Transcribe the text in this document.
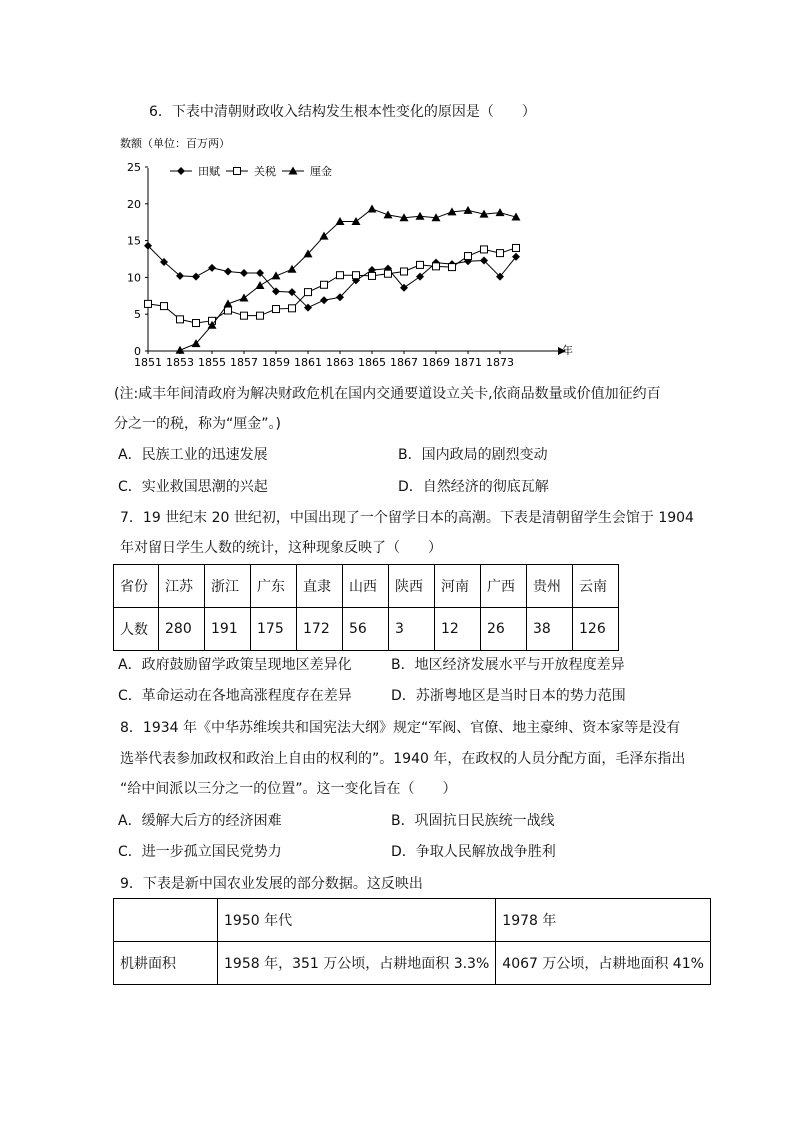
6．下表中清朝财政收入结构发生根本性变化的原因是（　　）
数额（单位：百万两）
年
0
5
10
15
20
25
1851 1853 1855 1857 1859 1861 1863 1865 1867 1869 1871 1873
田赋	关税	厘金
(注:咸丰年间清政府为解决财政危机在国内交通要道设立关卡,依商品数量或价值加征约百
分之一的税，称为“厘金”。)
A．民族工业的迅速发展	B．国内政局的剧烈变动
C．实业救国思潮的兴起	D．自然经济的彻底瓦解
7．19 世纪末 20 世纪初，中国出现了一个留学日本的高潮。下表是清朝留学生会馆于 1904
年对留日学生人数的统计，这种现象反映了（　　）
省份	江苏	浙江	广东	直隶	山西	陕西	河南	广西	贵州	云南
人数	280	191	175	172	56	3	12	26	38	126
A．政府鼓励留学政策呈现地区差异化	B．地区经济发展水平与开放程度差异
C．革命运动在各地高涨程度存在差异	D．苏浙粤地区是当时日本的势力范围
8．1934 年《中华苏维埃共和国宪法大纲》规定“军阀、官僚、地主豪绅、资本家等是没有
选举代表参加政权和政治上自由的权利的”。1940 年，在政权的人员分配方面，毛泽东指出
“给中间派以三分之一的位置”。这一变化旨在（　　）
A．缓解大后方的经济困难	B．巩固抗日民族统一战线
C．进一步孤立国民党势力	D．争取人民解放战争胜利
9．下表是新中国农业发展的部分数据。这反映出
	1950 年代	1978 年
机耕面积	1958 年，351 万公顷，占耕地面积 3.3%	4067 万公顷，占耕地面积 41%
